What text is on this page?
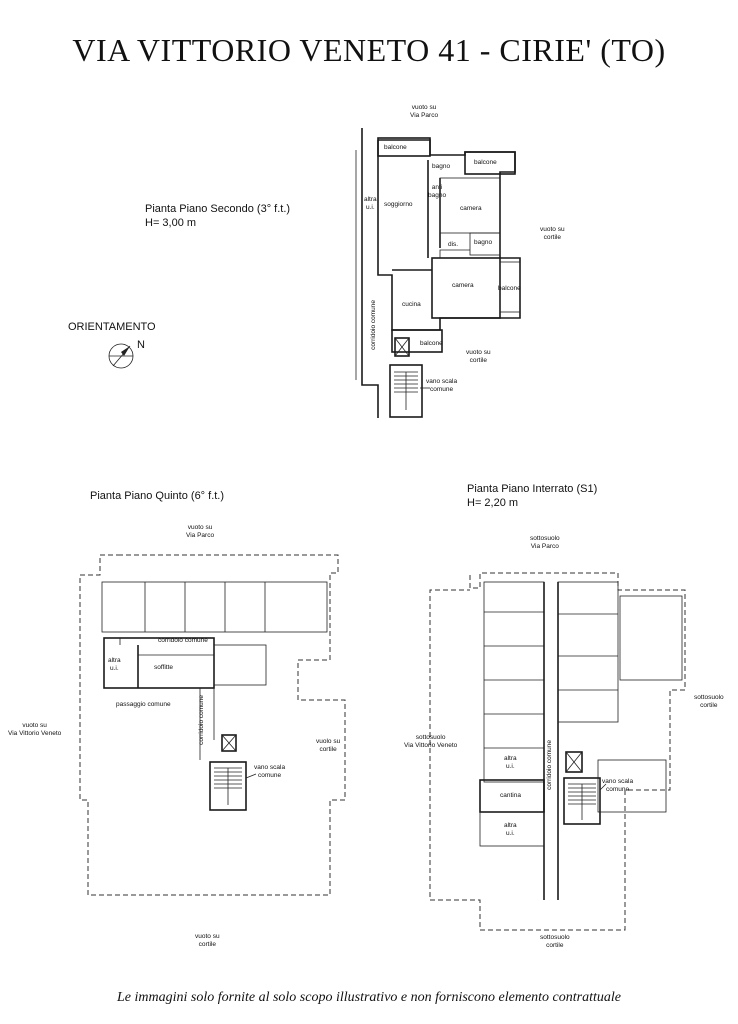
VIA VITTORIO VENETO 41 - CIRIE' (TO)
Pianta Piano Secondo (3° f.t.)
H= 3,00 m
vuoto su
Via Parco
balcone
bagno
balcone
altra
u.i.	soggiorno
anti
bagno
camera
vuoto su
cortile
dis. bagno
camera	balcone
cucina
corridoio comune	balcone
vuoto su
cortile
vano scala
comune
ORIENTAMENTO
N
Pianta Piano Quinto (6° f.t.)
vuoto su
Via Parco
corridoio comune
altra
u.i.	soffitte
passaggio comune	corridoio comune
vuoto su
Via Vittorio Veneto
vuolo su
cortile
vano scala
comune
vuoto su
cortile
Pianta Piano Interrato (S1)
H= 2,20 m
sottosuolo
Via Parco
sottosuolo
cortile
sottosuolo
Via Vittorio Veneto
altra
u.i.	corridoio comune
cantina
altra
u.i.
vano scala
comune
sottosuolo
cortile
Le immagini solo fornite al solo scopo illustrativo e non forniscono elemento contrattuale
